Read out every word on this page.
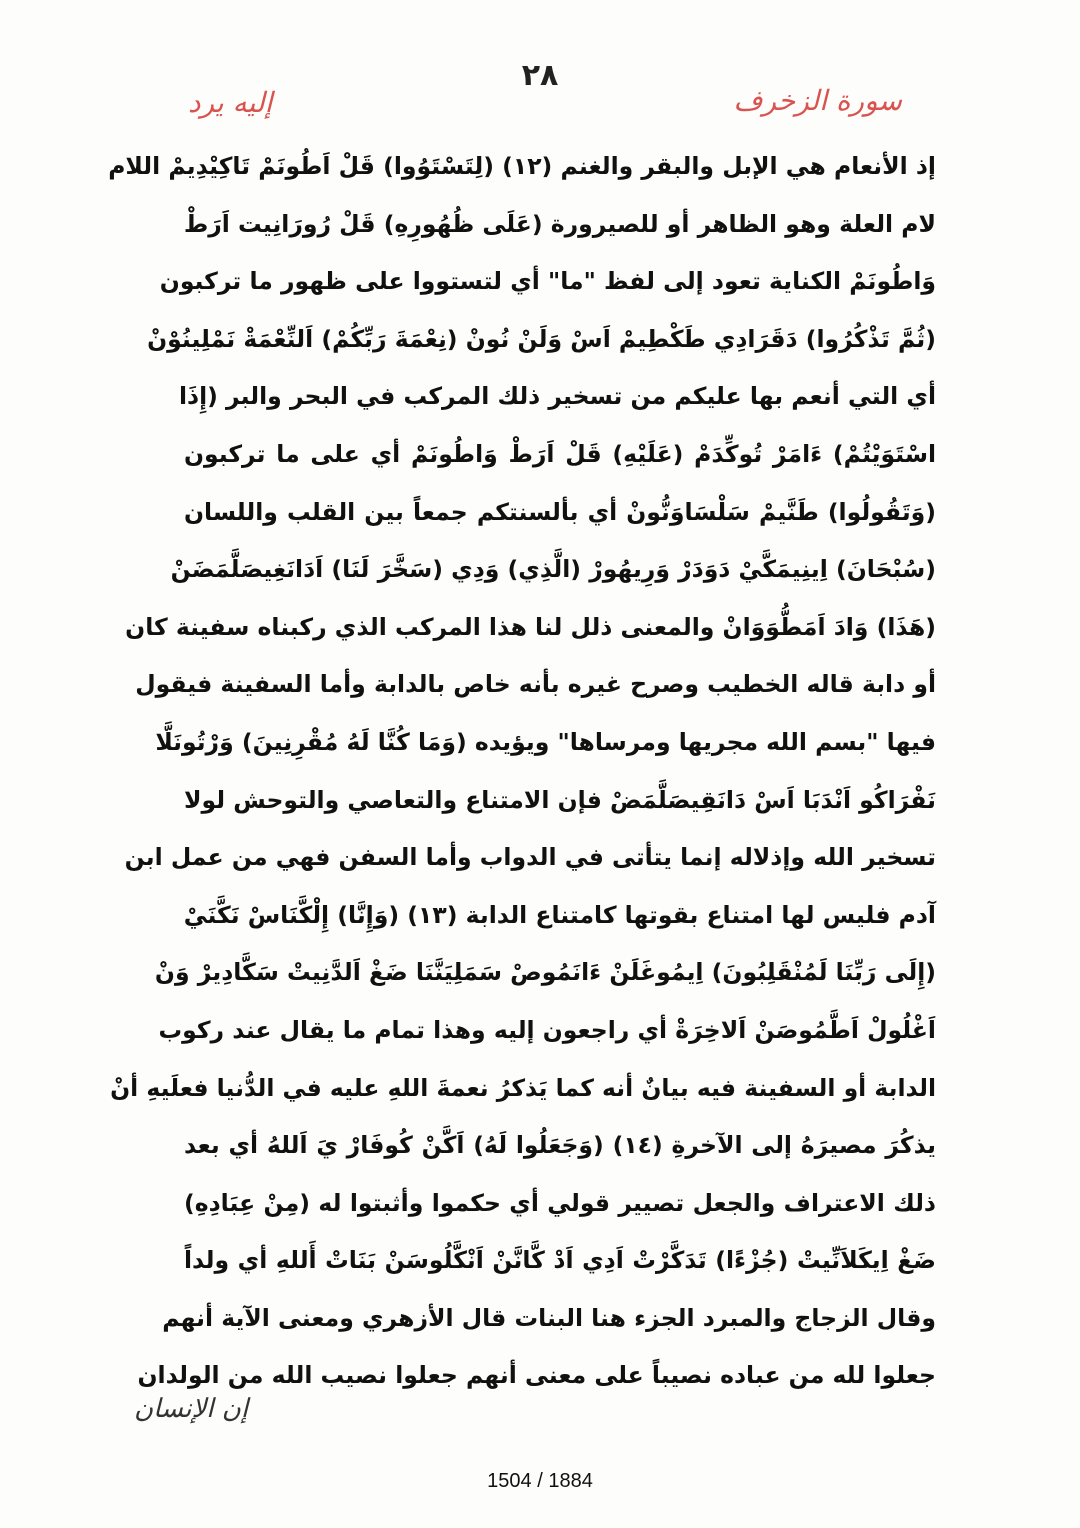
٢٨
سورة الزخرف
إليه يرد
إذ الأنعام هي الإبل والبقر والغنم (١٢) (لِتَسْتَوُوا) قَلْ اَطُونَمْ تَاكِيْدِيمْ اللام
لام العلة وهو الظاهر أو للصيرورة (عَلَى ظُهُورِهِ) قَلْ رُورَانِيت اَرَطْ
وَاطُونَمْ الكناية تعود إلى لفظ "ما" أي لتستووا على ظهور ما تركبون
(ثُمَّ تَذْكُرُوا) دَقَرَادِي طَكْطِيمْ اَسْ وَلَنْ نُونْ (نِعْمَةَ رَبِّكُمْ) اَلنِّعْمَةْ نَمْلِينُوْنْ
أي التي أنعم بها عليكم من تسخير ذلك المركب في البحر والبر (إِذَا
اسْتَوَيْتُمْ) ءَامَرْ تُوكِّدَمْ (عَلَيْهِ) قَلْ اَرَطْ وَاطُونَمْ أي على ما تركبون
(وَتَقُولُوا) طَنَّيمْ سَلْسَاوَنُّونْ أي بألسنتكم جمعاً بين القلب واللسان
(سُبْحَانَ) اِينِيمَكَّيْ دَوَدَرْ وَرِيهُورْ (الَّذِي) وَدِي (سَخَّرَ لَنَا) اَدَانَغِيصَلَّمَضَنْ
(هَذَا) وَادَ اَمَطُّوَوَانْ والمعنى ذلل لنا هذا المركب الذي ركبناه سفينة كان
أو دابة قاله الخطيب وصرح غيره بأنه خاص بالدابة وأما السفينة فيقول
فيها "بسم الله مجريها ومرساها" ويؤيده (وَمَا كُنَّا لَهُ مُقْرِنِينَ) وَرْتُونَلَّا
نَفْرَاكُو اَنْدَبَا اَسْ دَانَقِيصَلَّمَضْ فإن الامتناع والتعاصي والتوحش لولا
تسخير الله وإذلاله إنما يتأتى في الدواب وأما السفن فهي من عمل ابن
آدم فليس لها امتناع بقوتها كامتناع الدابة (١٣) (وَإِنَّا) إِلْكَّنَاسْ نَكَّنَيْ
(إِلَى رَبِّنَا لَمُنْقَلِبُونَ) اِيمُوغَلَنْ ءَانَمُوصْ سَمَلِيَنَّنَا ضَغْ اَلدَّنِيتْ سَكَّادِيرْ وَنْ
اَغْلُولْ اَطَّمُوصَنْ اَلاخِرَةْ أي راجعون إليه وهذا تمام ما يقال عند ركوب
الدابة أو السفينة فيه بيانٌ أنه كما يَذكرُ نعمةَ اللهِ عليه في الدُّنيا فعلَيهِ أنْ
يذكُرَ مصيرَهُ إلى الآخرةِ (١٤) (وَجَعَلُوا لَهُ) اَكَّنْ كُوفَارْ يَ اَللهُ أي بعد
ذلك الاعتراف والجعل تصيير قولي أي حكموا وأثبتوا له (مِنْ عِبَادِهِ)
ضَغْ اِيكَلاَنِّيتْ (جُزْءًا) تَدَكَّرْتْ اَدِي اَدْ كَّانَّنْ اَنْكَّلُوسَنْ بَنَاتْ أَللهِ أي ولداً
وقال الزجاج والمبرد الجزء هنا البنات قال الأزهري ومعنى الآية أنهم
جعلوا لله من عباده نصيباً على معنى أنهم جعلوا نصيب الله من الولدان
إن الإنسان
1504 / 1884
